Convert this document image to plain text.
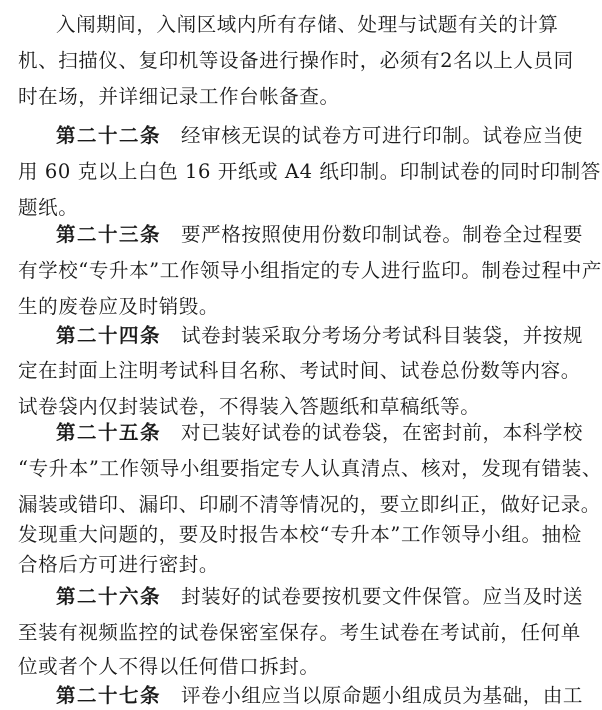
入闱期间，入闱区域内所有存储、处理与试题有关的计算
机、扫描仪、复印机等设备进行操作时，必须有2名以上人员同
时在场，并详细记录工作台帐备查。
第二十二条 经审核无误的试卷方可进行印制。试卷应当使
用 60 克以上白色 16 开纸或 A4 纸印制。印制试卷的同时印制答
题纸。
第二十三条 要严格按照使用份数印制试卷。制卷全过程要
有学校“专升本”工作领导小组指定的专人进行监印。制卷过程中产
生的废卷应及时销毁。
第二十四条 试卷封装采取分考场分考试科目装袋，并按规
定在封面上注明考试科目名称、考试时间、试卷总份数等内容。
试卷袋内仅封装试卷，不得装入答题纸和草稿纸等。
第二十五条 对已装好试卷的试卷袋，在密封前，本科学校
“专升本”工作领导小组要指定专人认真清点、核对，发现有错装、
漏装或错印、漏印、印刷不清等情况的，要立即纠正，做好记录。
发现重大问题的，要及时报告本校“专升本”工作领导小组。抽检
合格后方可进行密封。
第二十六条 封装好的试卷要按机要文件保管。应当及时送
至装有视频监控的试卷保密室保存。考生试卷在考试前，任何单
位或者个人不得以任何借口拆封。
第二十七条 评卷小组应当以原命题小组成员为基础，由工
